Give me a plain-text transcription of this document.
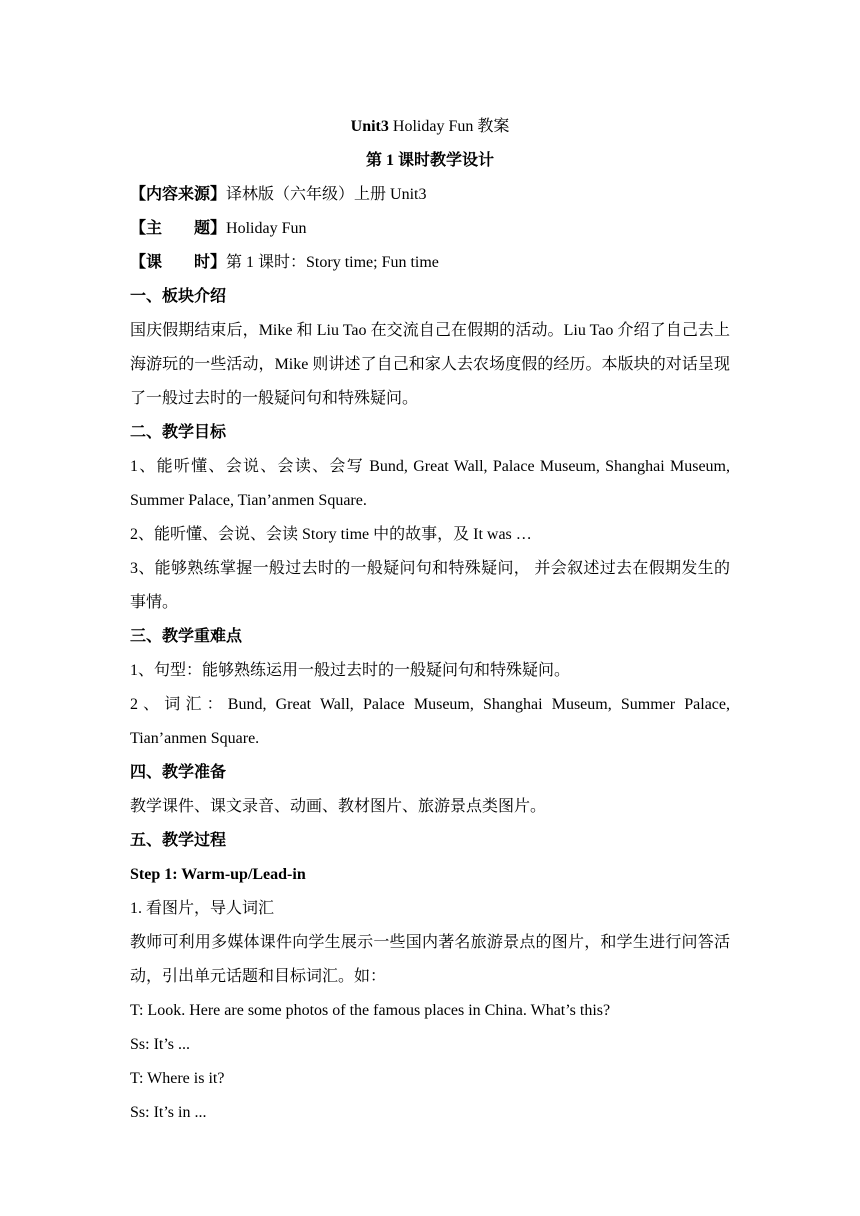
Unit3 Holiday Fun 教案
第 1 课时教学设计
【内容来源】译林版（六年级）上册 Unit3
【主　　题】Holiday Fun
【课　　时】第 1 课时：Story time; Fun time
一、板块介绍
国庆假期结束后，Mike 和 Liu Tao 在交流自己在假期的活动。Liu Tao 介绍了自己去上海游玩的一些活动，Mike 则讲述了自己和家人去农场度假的经历。本版块的对话呈现了一般过去时的一般疑问句和特殊疑问。
二、教学目标
1、能听懂、会说、会读、会写 Bund, Great Wall, Palace Museum, Shanghai Museum, Summer Palace, Tian’anmen Square.
2、能听懂、会说、会读 Story time 中的故事，及 It was …
3、能够熟练掌握一般过去时的一般疑问句和特殊疑问， 并会叙述过去在假期发生的事情。
三、教学重难点
1、句型：能够熟练运用一般过去时的一般疑问句和特殊疑问。
2、词汇：Bund, Great Wall, Palace Museum, Shanghai Museum, Summer Palace, Tian’anmen Square.
四、教学准备
教学课件、课文录音、动画、教材图片、旅游景点类图片。
五、教学过程
Step 1: Warm-up/Lead-in
1. 看图片，导人词汇
教师可利用多媒体课件向学生展示一些国内著名旅游景点的图片，和学生进行问答活动，引出单元话题和目标词汇。如：
T: Look. Here are some photos of the famous places in China. What’s this?
Ss: It’s ...
T: Where is it?
Ss: It’s in ...
